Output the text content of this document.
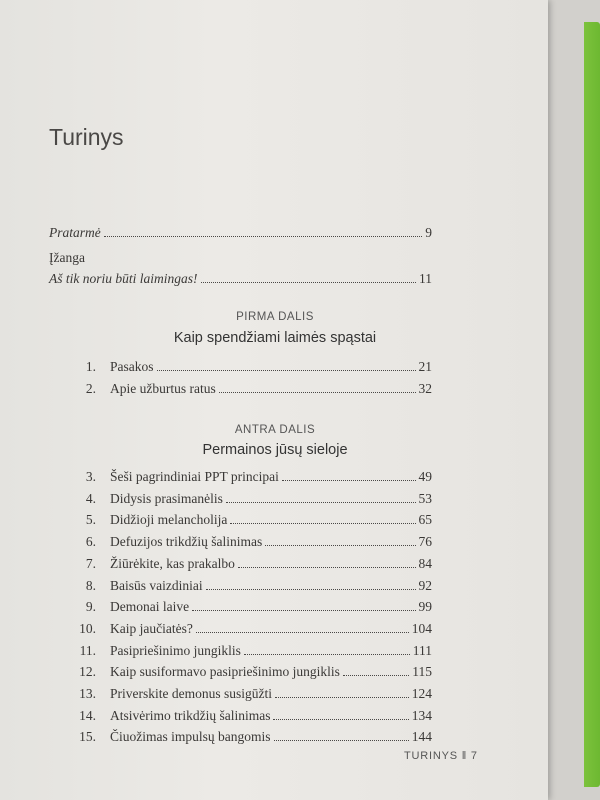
Turinys
Pratarmė	9
Įžanga
Aš tik noriu būti laimingas!	11
PIRMA DALIS
Kaip spendžiami laimės spąstai
1.	Pasakos	21
2.	Apie užburtus ratus	32
ANTRA DALIS
Permainos jūsų sieloje
3.	Šeši pagrindiniai PPT principai	49
4.	Didysis prasimanėlis	53
5.	Didžioji melancholija	65
6.	Defuzijos trikdžių šalinimas	76
7.	Žiūrėkite, kas prakalbo	84
8.	Baisūs vaizdiniai	92
9.	Demonai laive	99
10.	Kaip jaučiatės?	104
11.	Pasipriešinimo jungiklis	111
12.	Kaip susiformavo pasipriešinimo jungiklis	115
13.	Priverskite demonus susigūžti	124
14.	Atsivėrimo trikdžių šalinimas	134
15.	Čiuožimas impulsų bangomis	144
TURINYS ‖ 7
